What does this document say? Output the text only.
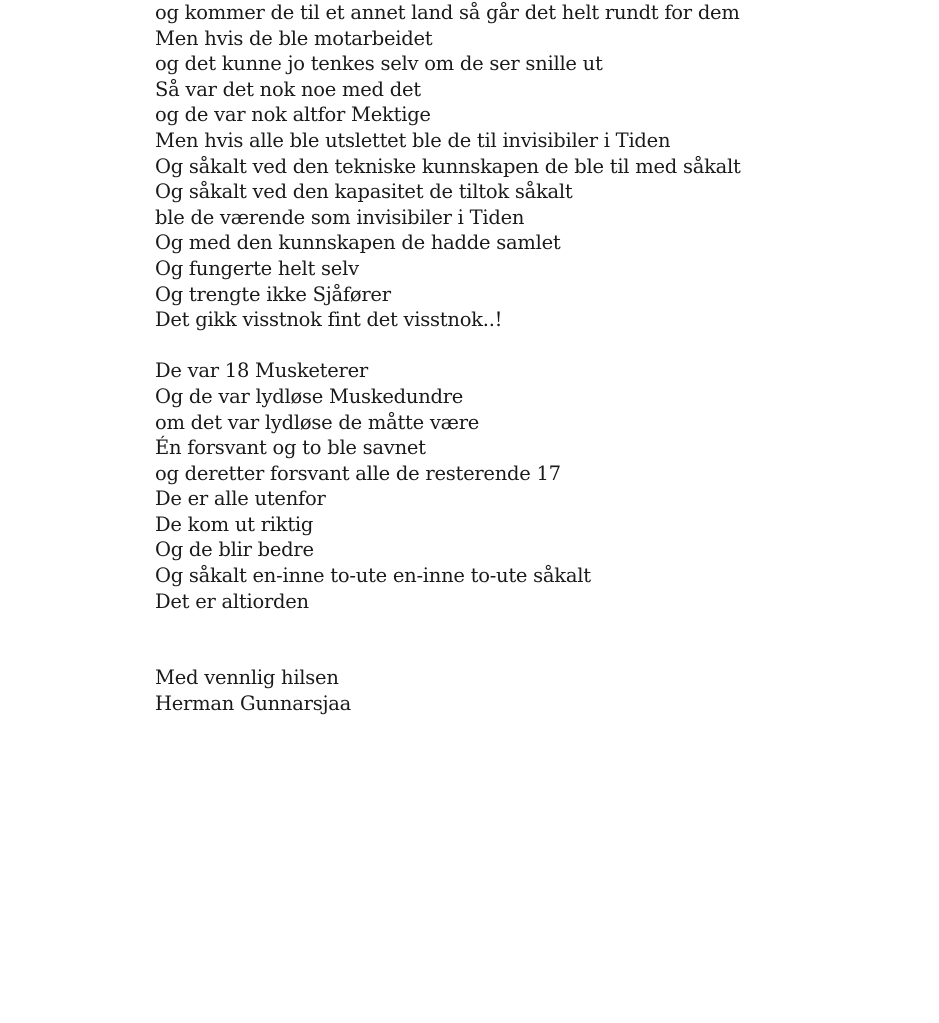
og kommer de til et annet land så går det helt rundt for dem
Men hvis de ble motarbeidet
og det kunne jo tenkes selv om de ser snille ut
Så var det nok noe med det
og de var nok altfor Mektige
Men hvis alle ble utslettet ble de til invisibiler i Tiden
Og såkalt ved den tekniske kunnskapen de ble til med såkalt
Og såkalt ved den kapasitet de tiltok såkalt
ble de værende som invisibiler i Tiden
Og med den kunnskapen de hadde samlet
Og fungerte helt selv
Og trengte ikke Sjåfører
Det gikk visstnok fint det visstnok..!
De var 18 Musketerer
Og de var lydløse Muskedundre
om det var lydløse de måtte være
Én forsvant og to ble savnet
og deretter forsvant alle de resterende 17
De er alle utenfor
De kom ut riktig
Og de blir bedre
Og såkalt en-inne to-ute en-inne to-ute såkalt
Det er altiorden
Med vennlig hilsen
Herman Gunnarsjaa
